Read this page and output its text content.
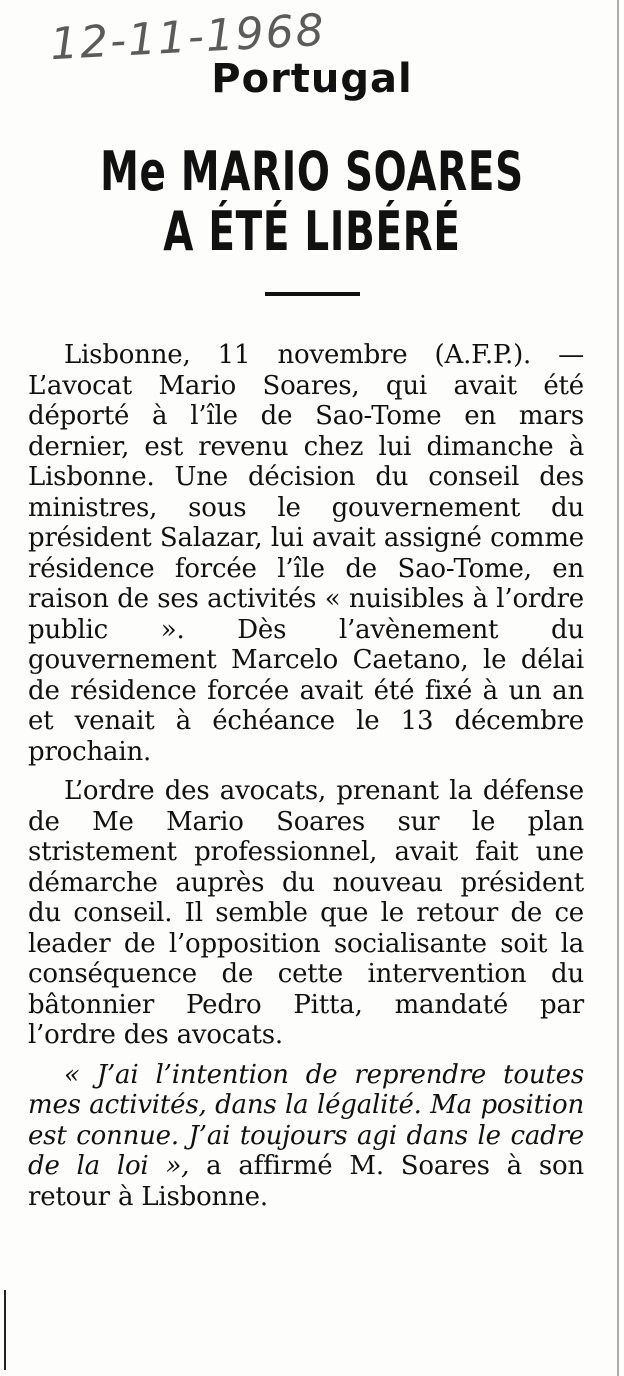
12-11-1968
Portugal
Me MARIO SOARES
A ÉTÉ LIBÉRÉ

Lisbonne, 11 novembre (A.F.P.). — L’avocat Mario Soares, qui avait été déporté à l’île de Sao-Tome en mars dernier, est revenu chez lui dimanche à Lisbonne. Une décision du conseil des ministres, sous le gouvernement du président Salazar, lui avait assigné comme résidence forcée l’île de Sao-Tome, en raison de ses activités « nuisibles à l’ordre public ». Dès l’avènement du gouvernement Marcelo Caetano, le délai de résidence forcée avait été fixé à un an et venait à échéance le 13 décembre prochain.

L’ordre des avocats, prenant la défense de Me Mario Soares sur le plan stristement professionnel, avait fait une démarche auprès du nouveau président du conseil. Il semble que le retour de ce leader de l’opposition socialisante soit la conséquence de cette intervention du bâtonnier Pedro Pitta, mandaté par l’ordre des avocats.

« J’ai l’intention de reprendre toutes mes activités, dans la légalité. Ma position est connue. J’ai toujours agi dans le cadre de la loi », a affirmé M. Soares à son retour à Lisbonne.
